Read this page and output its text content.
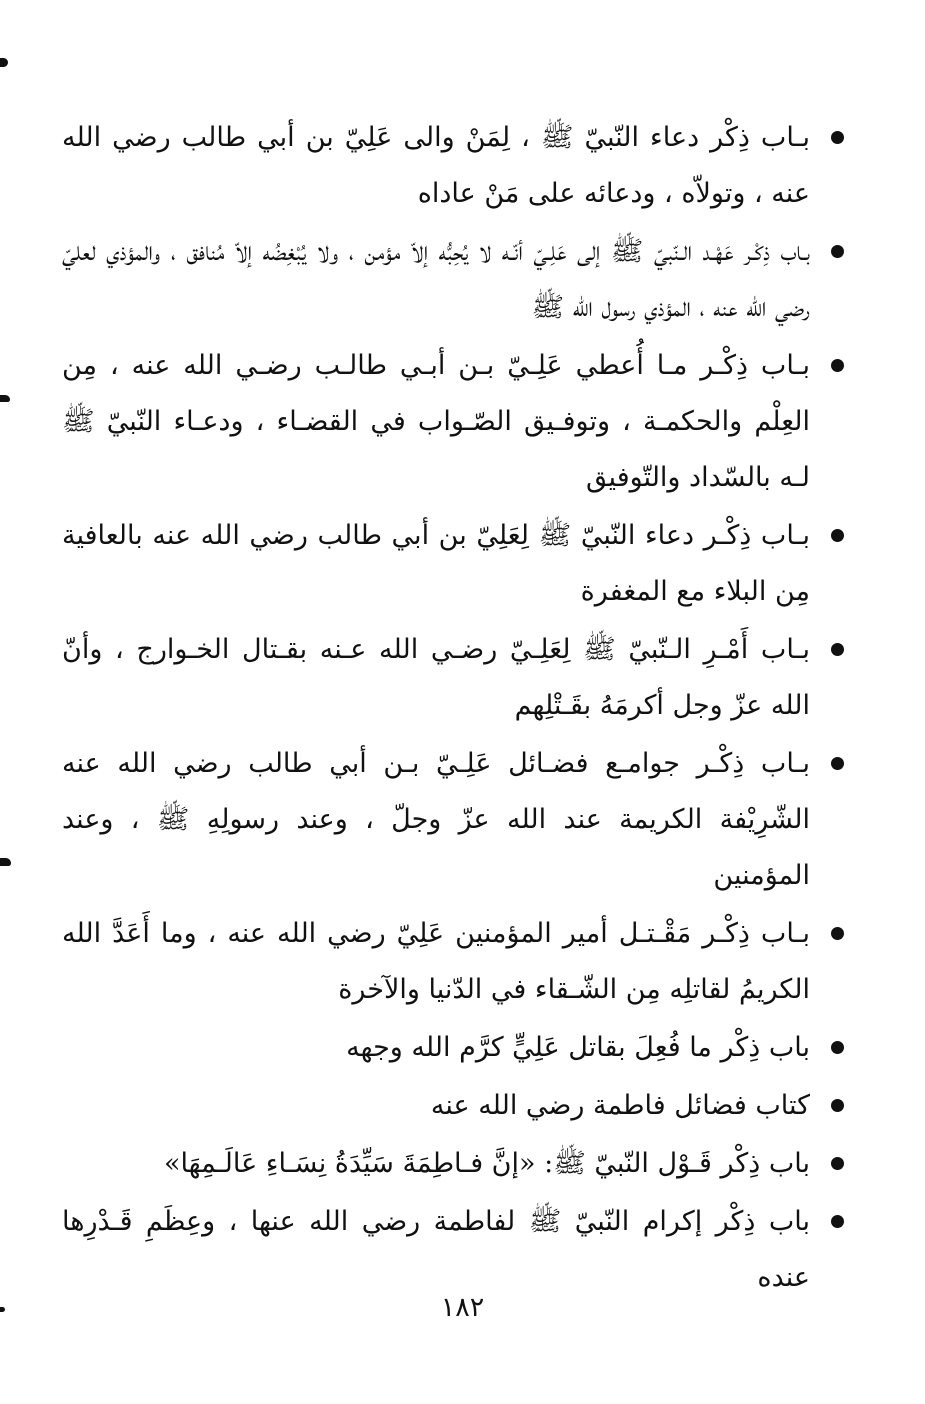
بـاب ذِكْر دعاء النّبيّ ﷺ ، لِمَنْ والى عَلِيّ بن أبي طالب رضي الله عنه ، وتولاّه ، ودعائه على مَنْ عاداه
بـاب ذِكْـر عَهْـد الـنّبيّ ﷺ إلى عَلِـيّ أنّـه لا يُحِبُّه إلاّ مؤمن ، ولا يُبْغِضُه إلاّ مُنافق ، والمؤذي لعليّ رضي الله عنه ، المؤذي رسول الله ﷺ
بـاب ذِكْـر مـا أُعطي عَلِـيّ بـن أبـي طالـب رضـي الله عنه ، مِن العِلْم والحكمـة ، وتوفـيق الصّـواب في القضـاء ، ودعـاء النّبيّ ﷺ لـه بالسّداد والتّوفيق
بـاب ذِكْـر دعاء النّبيّ ﷺ لِعَلِيّ بن أبي طالب رضي الله عنه بالعافية مِن البلاء مع المغفرة
بـاب أَمْـرِ الـنّبيّ ﷺ لِعَلِـيّ رضـي الله عـنه بقـتال الخـوارج ، وأنّ الله عزّ وجل أكرمَهُ بقَـتْلِهم
بـاب ذِكْـر جوامـع فضـائل عَلِـيّ بـن أبي طالب رضي الله عنه الشّرِيْفة الكريمة عند الله عزّ وجلّ ، وعند رسولِهِ ﷺ ، وعند المؤمنين
بـاب ذِكْـر مَقْـتـل أمير المؤمنين عَلِيّ رضي الله عنه ، وما أَعَدَّ الله الكريمُ لقاتلِه مِن الشّـقاء في الدّنيا والآخرة
باب ذِكْر ما فُعِلَ بقاتل عَلِيٍّ كرَّم الله وجهه
كتاب فضائل فاطمة رضي الله عنه
باب ذِكْر قَـوْل النّبيّ ﷺ: «إنَّ فـاطِمَةَ سَيِّدَةُ نِسَـاءِ عَالَـمِهَا»
باب ذِكْر إكرام النّبيّ ﷺ لفاطمة رضي الله عنها ، وعِظَمِ قَـدْرِها عنده
١٨٢
